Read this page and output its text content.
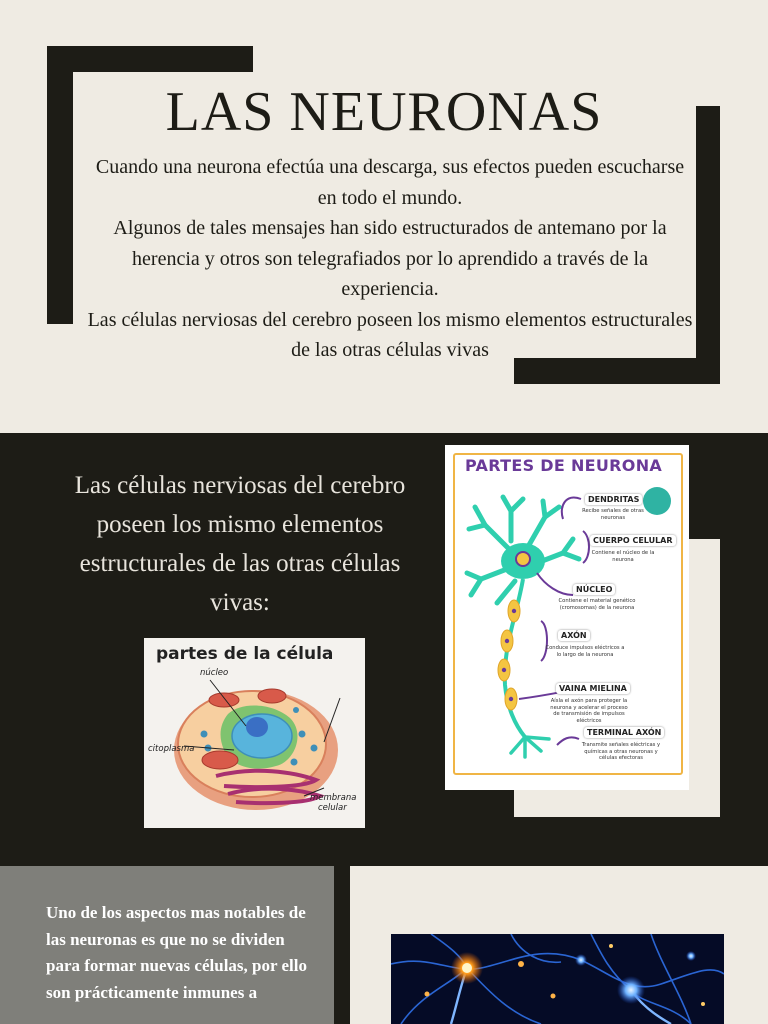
LAS NEURONAS

Cuando una neurona efectúa una descarga, sus efectos pueden escucharse en todo el mundo.

Algunos de tales mensajes han sido estructurados de antemano por la herencia y otros son telegrafiados por lo aprendido a través de la experiencia.

Las células nerviosas del cerebro poseen los mismo elementos estructurales de las otras células vivas

Las células nerviosas del cerebro poseen los mismo elementos estructurales de las otras células vivas:
partes de la célula
núcleo
citoplasma
membrana
celular
PARTES DE NEURONA
DENDRITAS
Recibe señales de otras neuronas
CUERPO CELULAR
Contiene el núcleo de la neurona
NÚCLEO
Contiene el material genético (cromosomas) de la neurona
AXÓN
Conduce impulsos eléctricos a lo largo de la neurona
VAINA MIELINA
Aísla el axón para proteger la neurona y acelerar el proceso de transmisión de impulsos eléctricos
TERMINAL AXÓN
Transmite señales eléctricas y químicas a otras neuronas y células efectoras
Uno de los aspectos mas notables de las neuronas es que no se dividen para formar nuevas células, por ello son prácticamente inmunes a
